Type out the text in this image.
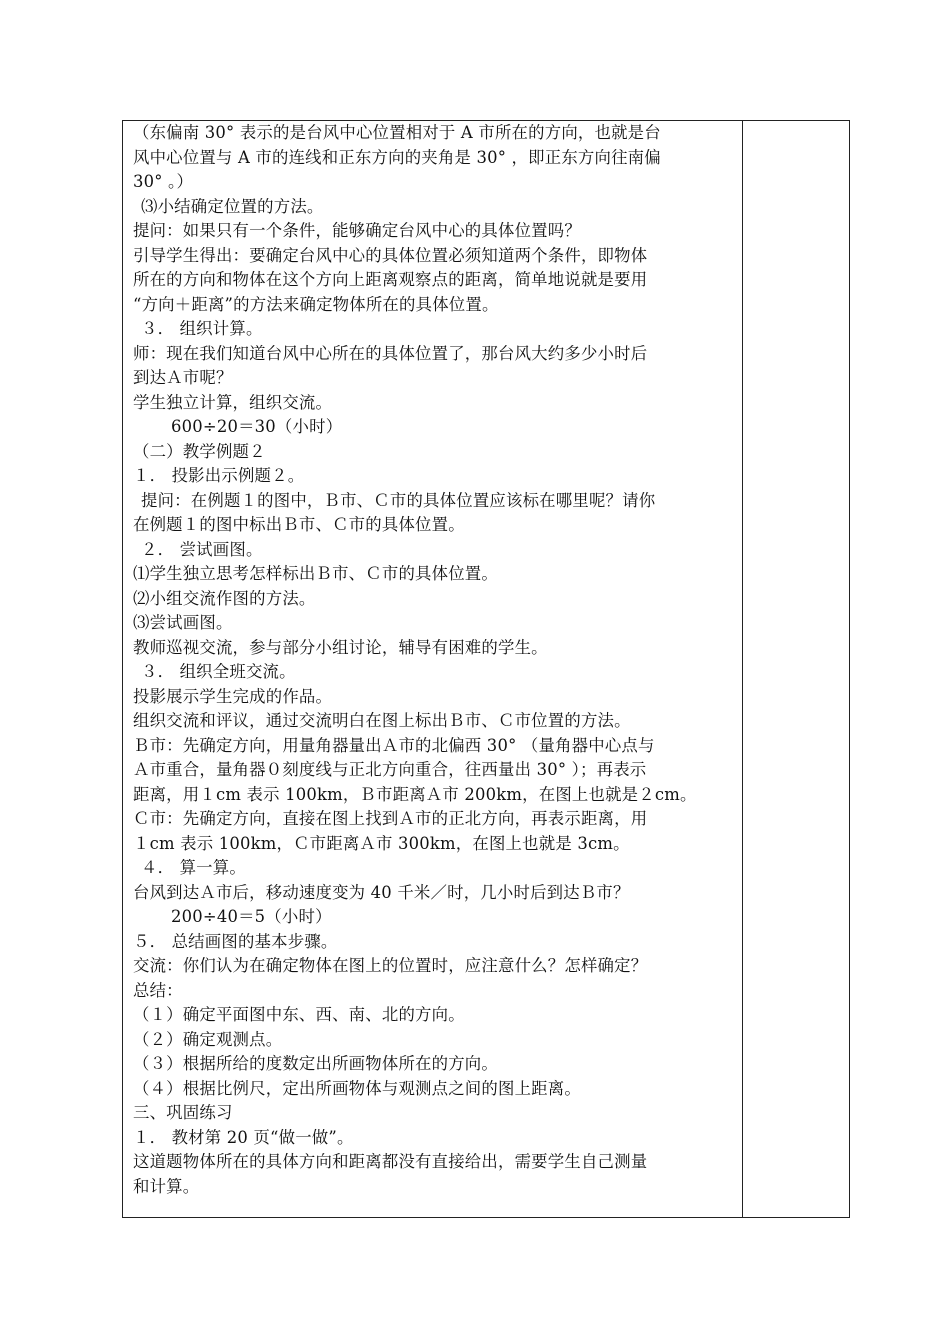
（东偏南 30° 表示的是台风中心位置相对于 A 市所在的方向，也就是台
风中心位置与 A 市的连线和正东方向的夹角是 30° ，即正东方向往南偏
30° 。）
⑶小结确定位置的方法。
提问：如果只有一个条件，能够确定台风中心的具体位置吗？
引导学生得出：要确定台风中心的具体位置必须知道两个条件，即物体
所在的方向和物体在这个方向上距离观察点的距离，简单地说就是要用
“方向＋距离”的方法来确定物体所在的具体位置。
３． 组织计算。
师：现在我们知道台风中心所在的具体位置了，那台风大约多少小时后
到达Ａ市呢？
学生独立计算，组织交流。
600÷20＝30（小时）
（二）教学例题２
１． 投影出示例题２。
提问：在例题１的图中，Ｂ市、Ｃ市的具体位置应该标在哪里呢？请你
在例题１的图中标出Ｂ市、Ｃ市的具体位置。
２． 尝试画图。
⑴学生独立思考怎样标出Ｂ市、Ｃ市的具体位置。
⑵小组交流作图的方法。
⑶尝试画图。
教师巡视交流，参与部分小组讨论，辅导有困难的学生。
３． 组织全班交流。
投影展示学生完成的作品。
组织交流和评议，通过交流明白在图上标出Ｂ市、Ｃ市位置的方法。
Ｂ市：先确定方向，用量角器量出Ａ市的北偏西 30° （量角器中心点与
Ａ市重合，量角器０刻度线与正北方向重合，往西量出 30° ）；再表示
距离，用１cm 表示 100km，Ｂ市距离Ａ市 200km，在图上也就是２cm。
Ｃ市：先确定方向，直接在图上找到Ａ市的正北方向，再表示距离，用
１cm 表示 100km，Ｃ市距离Ａ市 300km，在图上也就是 3cm。
４． 算一算。
台风到达Ａ市后，移动速度变为 40 千米／时，几小时后到达Ｂ市？
200÷40＝5（小时）
５． 总结画图的基本步骤。
交流：你们认为在确定物体在图上的位置时，应注意什么？怎样确定？
总结：
（１）确定平面图中东、西、南、北的方向。
（２）确定观测点。
（３）根据所给的度数定出所画物体所在的方向。
（４）根据比例尺，定出所画物体与观测点之间的图上距离。
三、巩固练习
１． 教材第 20 页“做一做”。
这道题物体所在的具体方向和距离都没有直接给出，需要学生自己测量
和计算。
